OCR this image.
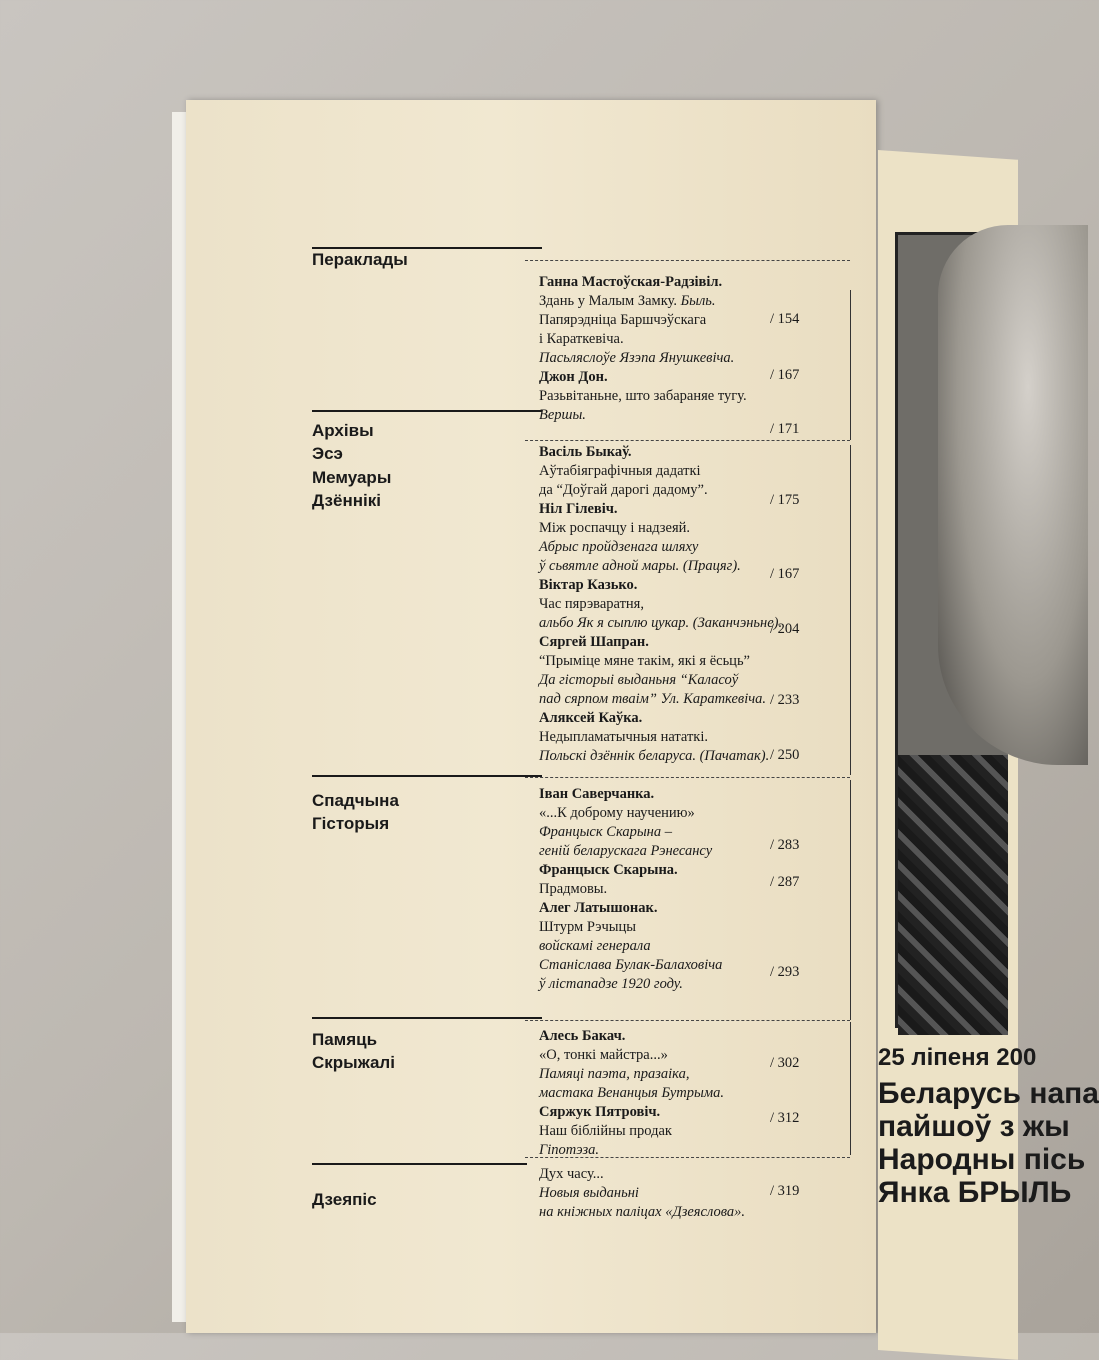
25 ліпеня 200
Беларусь напа
пайшоў з жы
Народны пісь
Янка БРЫЛЬ
Пераклады
Архівы
Эсэ
Мемуары
Дзённікі
Спадчына
Гісторыя
Памяць
Скрыжалі
Дзеяпіс
Ганна Мастоўская-Радзівіл.
Здань у Малым Замку. Быль.
Папярэдніца Баршчэўскага
і Караткевіча.
Пасьляслоўе Язэпа Янушкевіча.
Джон Дон.
Разьвітаньне, што забараняе тугу.
Вершы.
/ 154
/ 167
/ 171
Васіль Быкаў.
Аўтабіяграфічныя дадаткі
да “Доўгай дарогі дадому”.
Ніл Гілевіч.
Між роспачцу і надзеяй.
Абрыс пройдзенага шляху
ў сьвятле адной мары. (Працяг).
Віктар Казько.
Час пярэваратня,
альбо Як я сыплю цукар. (Заканчэньне).
Сяргей Шапран.
“Прыміце мяне такім, які я ёсьць”
Да гісторыі выданьня “Каласоў
пад сярпом тваім” Ул. Караткевіча.
Аляксей Каўка.
Недыпламатычныя нататкі.
Польскі дзённік беларуса. (Пачатак).
/ 175
/ 167
/ 204
/ 233
/ 250
Іван Саверчанка.
«...К доброму научению»
Францыск Скарына –
геній беларускага Рэнесансу
Францыск Скарына.
Прадмовы.
Алег Латышонак.
Штурм Рэчыцы
войскамі генерала
Станіслава Булак-Балаховіча
ў лістападзе 1920 году.
/ 283
/ 287
/ 293
Алесь Бакач.
«О, тонкі майстра...»
Памяці паэта, празаіка,
мастака Венанцыя Бутрыма.
Сяржук Пятровіч.
Наш біблійны продак
Гіпотэза.
/ 302
/ 312
Дух часу...
Новыя выданьні
на кніжных паліцах «Дзеяслова».
/ 319
